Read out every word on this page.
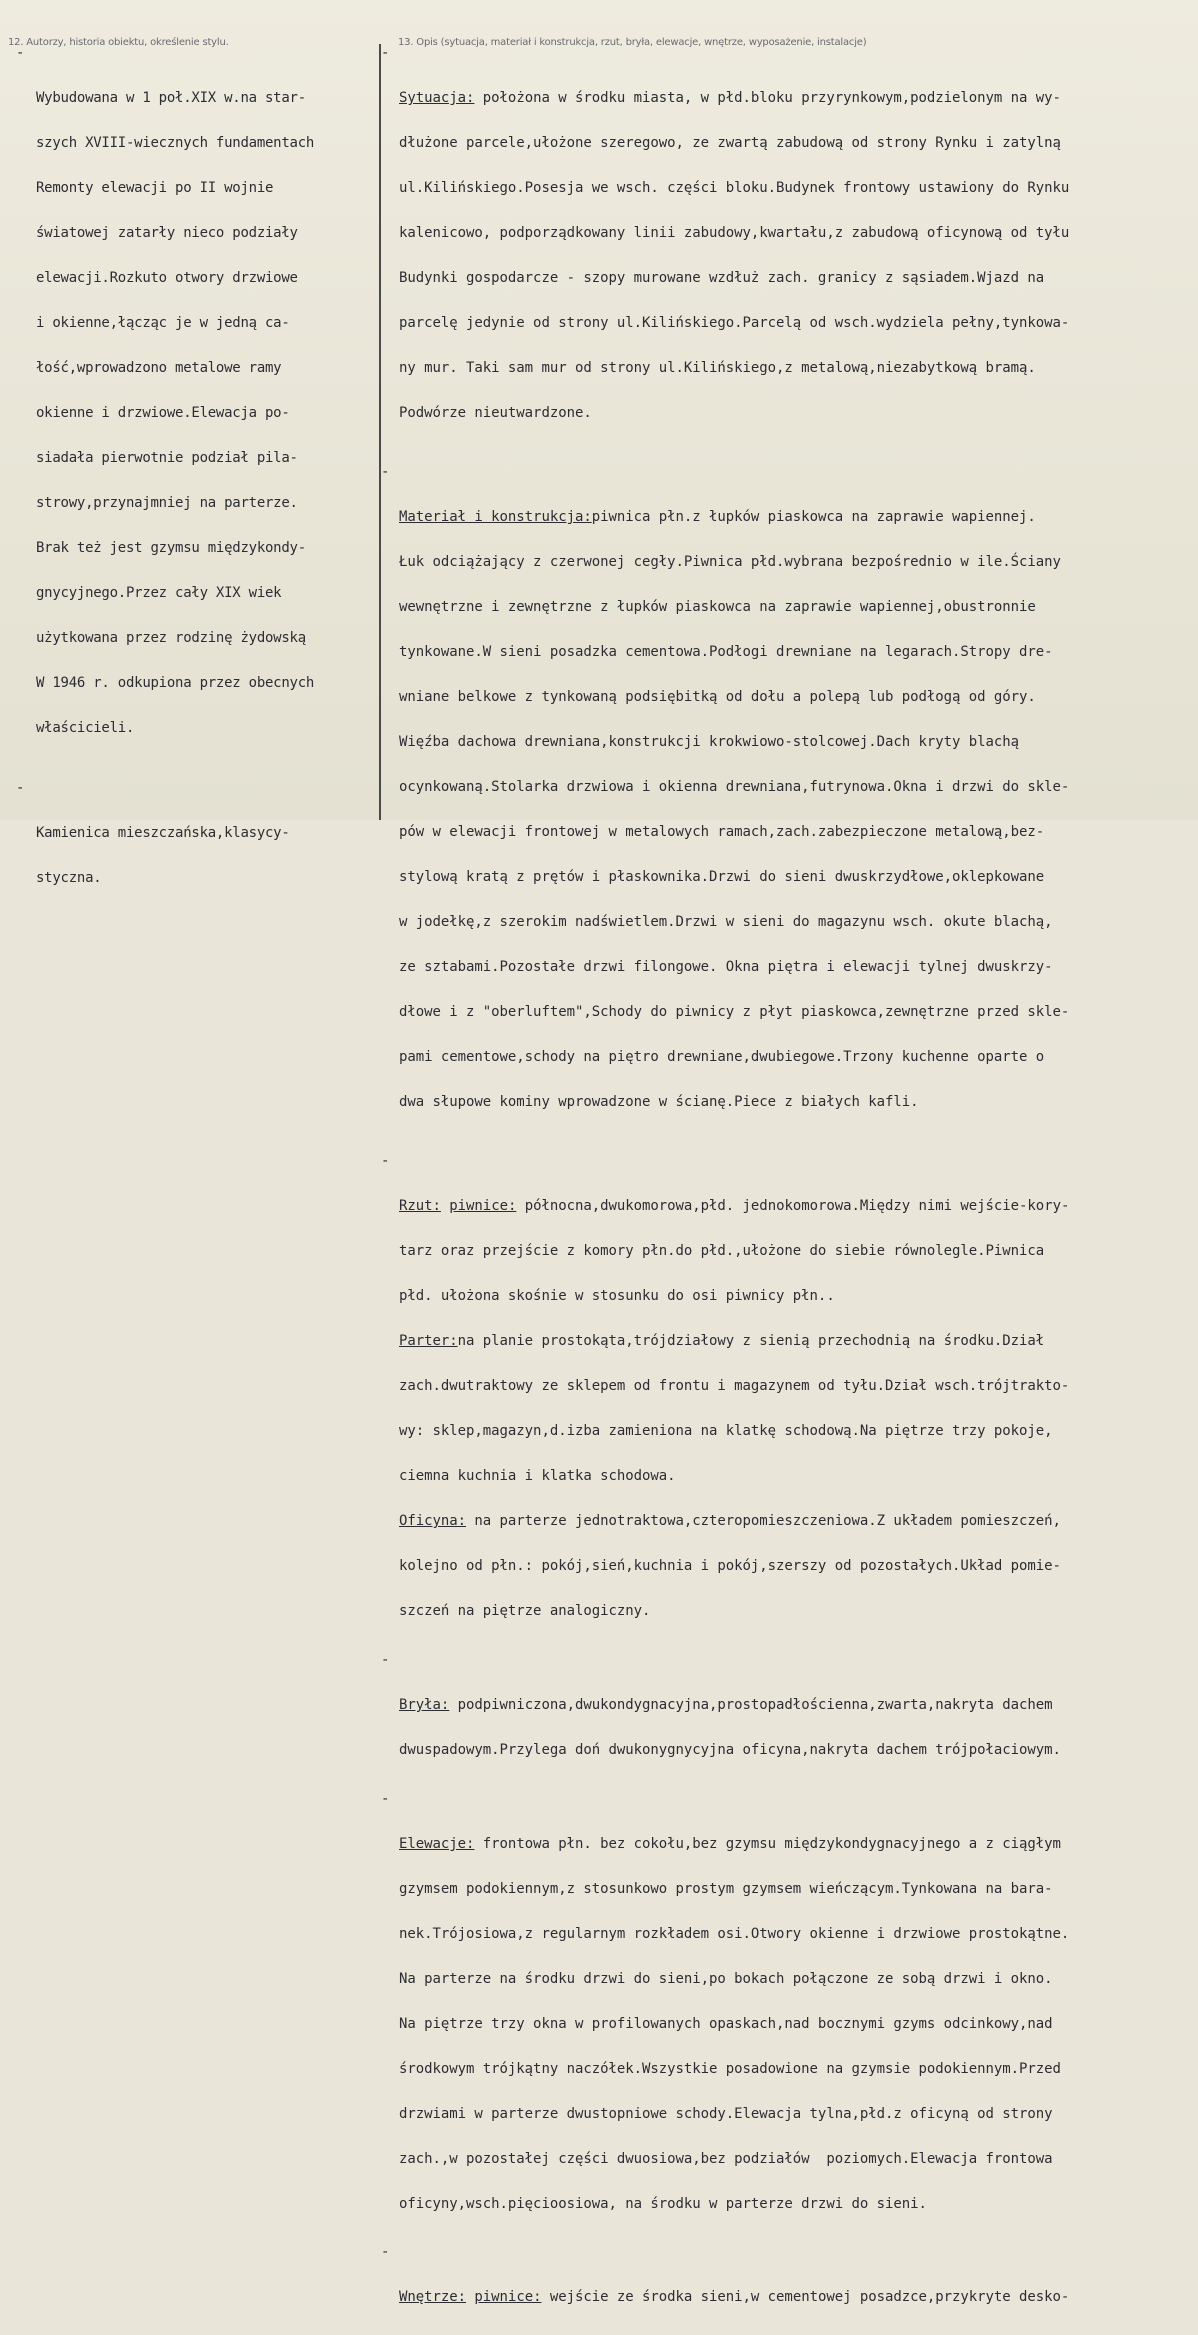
12. Autorzy, historia obiektu, określenie stylu.	13. Opis (sytuacja, materiał i konstrukcja, rzut, bryła, elewacje, wnętrze, wyposażenie, instalacje)

-

Wybudowana w 1 poł.XIX w.na star-

szych XVIII-wiecznych fundamentach

Remonty elewacji po II wojnie

światowej zatarły nieco podziały

elewacji.Rozkuto otwory drzwiowe

i okienne,łącząc je w jedną ca-

łość,wprowadzono metalowe ramy

okienne i drzwiowe.Elewacja po-

siadała pierwotnie podział pila-

strowy,przynajmniej na parterze.

Brak też jest gzymsu międzykondy-

gnycyjnego.Przez cały XIX wiek

użytkowana przez rodzinę żydowską

W 1946 r. odkupiona przez obecnych

właścicieli.

-

Kamienica mieszczańska,klasycy-

styczna.

-

Sytuacja: położona w środku miasta, w płd.bloku przyrynkowym,podzielonym na wy-

dłużone parcele,ułożone szeregowo, ze zwartą zabudową od strony Rynku i zatylną

ul.Kilińskiego.Posesja we wsch. części bloku.Budynek frontowy ustawiony do Rynku

kalenicowo, podporządkowany linii zabudowy,kwartału,z zabudową oficynową od tyłu

Budynki gospodarcze - szopy murowane wzdłuż zach. granicy z sąsiadem.Wjazd na

parcelę jedynie od strony ul.Kilińskiego.Parcelą od wsch.wydziela pełny,tynkowa-

ny mur. Taki sam mur od strony ul.Kilińskiego,z metalową,niezabytkową bramą.

Podwórze nieutwardzone.

-

Materiał i konstrukcja:piwnica płn.z łupków piaskowca na zaprawie wapiennej.

Łuk odciążający z czerwonej cegły.Piwnica płd.wybrana bezpośrednio w ile.Ściany

wewnętrzne i zewnętrzne z łupków piaskowca na zaprawie wapiennej,obustronnie

tynkowane.W sieni posadzka cementowa.Podłogi drewniane na legarach.Stropy dre-

wniane belkowe z tynkowaną podsiębitką od dołu a polepą lub podłogą od góry.

Więźba dachowa drewniana,konstrukcji krokwiowo-stolcowej.Dach kryty blachą

ocynkowaną.Stolarka drzwiowa i okienna drewniana,futrynowa.Okna i drzwi do skle-

pów w elewacji frontowej w metalowych ramach,zach.zabezpieczone metalową,bez-

stylową kratą z prętów i płaskownika.Drzwi do sieni dwuskrzydłowe,oklepkowane

w jodełkę,z szerokim nadświetlem.Drzwi w sieni do magazynu wsch. okute blachą,

ze sztabami.Pozostałe drzwi filongowe. Okna piętra i elewacji tylnej dwuskrzy-

dłowe i z "oberluftem",Schody do piwnicy z płyt piaskowca,zewnętrzne przed skle-

pami cementowe,schody na piętro drewniane,dwubiegowe.Trzony kuchenne oparte o

dwa słupowe kominy wprowadzone w ścianę.Piece z białych kafli.

-

Rzut: piwnice: północna,dwukomorowa,płd. jednokomorowa.Między nimi wejście-kory-

tarz oraz przejście z komory płn.do płd.,ułożone do siebie równolegle.Piwnica

płd. ułożona skośnie w stosunku do osi piwnicy płn..

Parter:na planie prostokąta,trójdziałowy z sienią przechodnią na środku.Dział

zach.dwutraktowy ze sklepem od frontu i magazynem od tyłu.Dział wsch.trójtrakto-

wy: sklep,magazyn,d.izba zamieniona na klatkę schodową.Na piętrze trzy pokoje,

ciemna kuchnia i klatka schodowa.

Oficyna: na parterze jednotraktowa,czteropomieszczeniowa.Z układem pomieszczeń,

kolejno od płn.: pokój,sień,kuchnia i pokój,szerszy od pozostałych.Układ pomie-

szczeń na piętrze analogiczny.

-

Bryła: podpiwniczona,dwukondygnacyjna,prostopadłościenna,zwarta,nakryta dachem

dwuspadowym.Przylega doń dwukonygnycyjna oficyna,nakryta dachem trójpołaciowym.

-

Elewacje: frontowa płn. bez cokołu,bez gzymsu międzykondygnacyjnego a z ciągłym

gzymsem podokiennym,z stosunkowo prostym gzymsem wieńczącym.Tynkowana na bara-

nek.Trójosiowa,z regularnym rozkładem osi.Otwory okienne i drzwiowe prostokątne.

Na parterze na środku drzwi do sieni,po bokach połączone ze sobą drzwi i okno.

Na piętrze trzy okna w profilowanych opaskach,nad bocznymi gzyms odcinkowy,nad

środkowym trójkątny naczółek.Wszystkie posadowione na gzymsie podokiennym.Przed

drzwiami w parterze dwustopniowe schody.Elewacja tylna,płd.z oficyną od strony

zach.,w pozostałej części dwuosiowa,bez podziałów  poziomych.Elewacja frontowa

oficyny,wsch.pięcioosiowa, na środku w parterze drzwi do sieni.

-

Wnętrze: piwnice: wejście ze środka sieni,w cementowej posadzce,przykryte desko-
